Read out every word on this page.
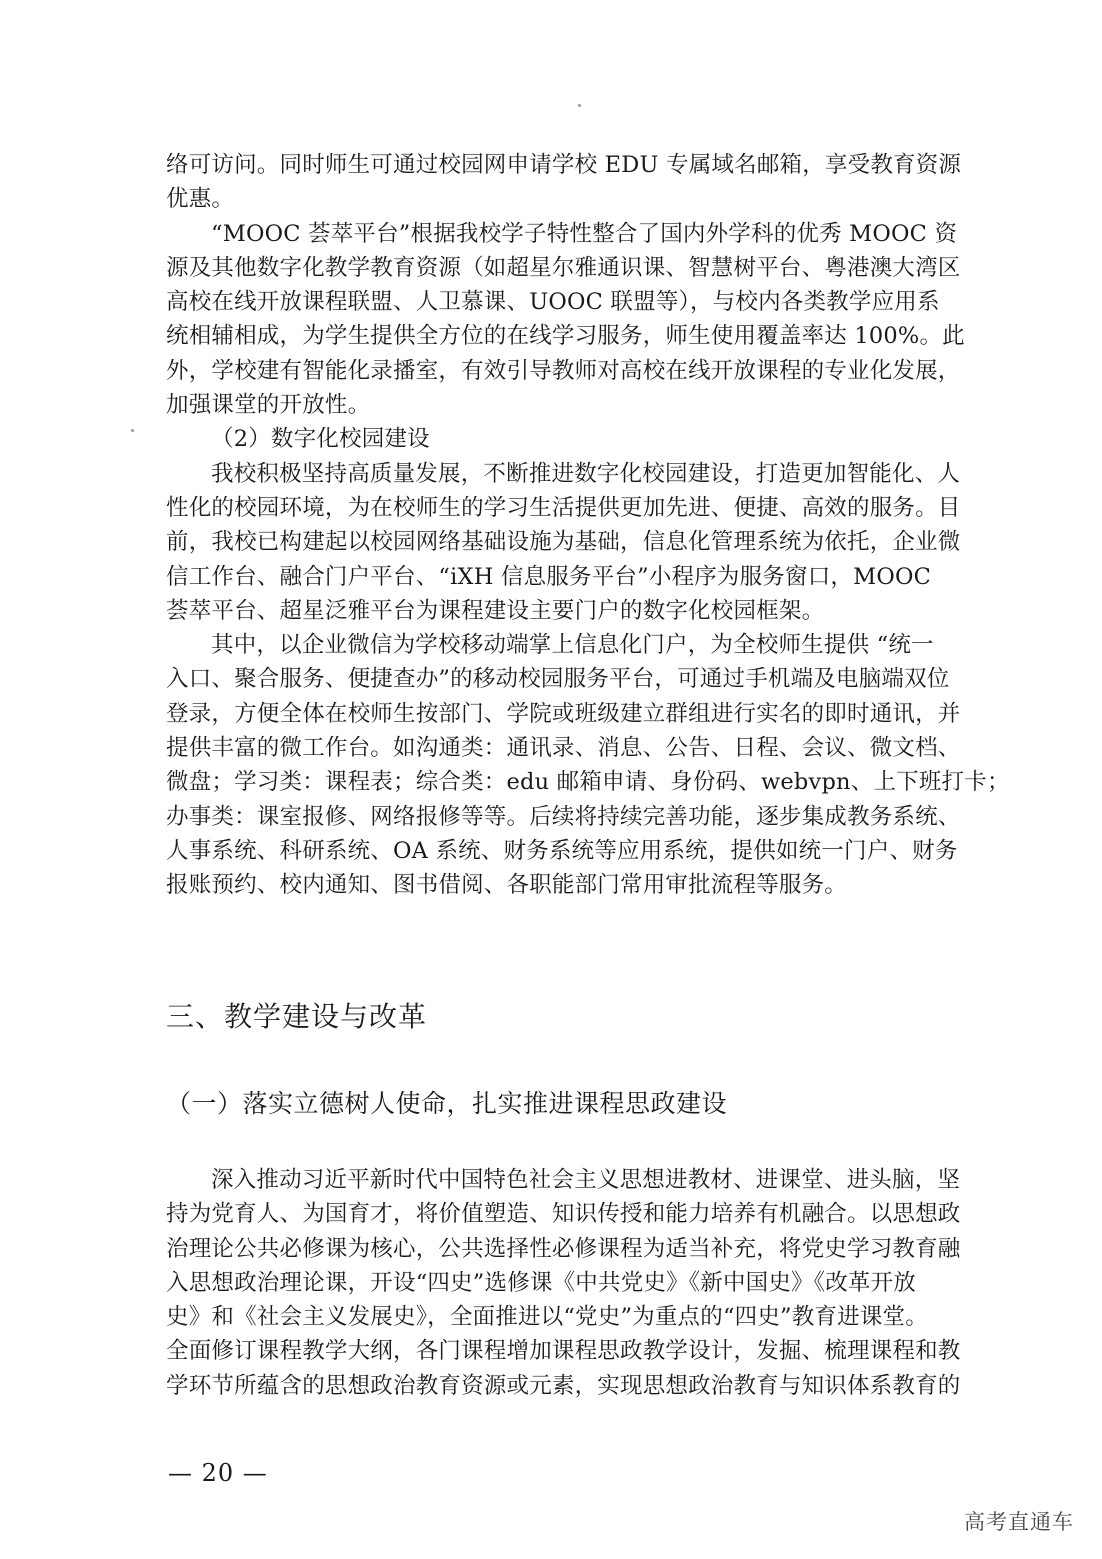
络可访问。同时师生可通过校园网申请学校 EDU 专属域名邮箱，享受教育资源
优惠。

“MOOC 荟萃平台”根据我校学子特性整合了国内外学科的优秀 MOOC 资

源及其他数字化教学教育资源（如超星尔雅通识课、智慧树平台、粤港澳大湾区
高校在线开放课程联盟、人卫慕课、UOOC 联盟等），与校内各类教学应用系
统相辅相成，为学生提供全方位的在线学习服务，师生使用覆盖率达 100%。此
外，学校建有智能化录播室，有效引导教师对高校在线开放课程的专业化发展，
加强课堂的开放性。

（2）数字化校园建设

我校积极坚持高质量发展，不断推进数字化校园建设，打造更加智能化、人

性化的校园环境，为在校师生的学习生活提供更加先进、便捷、高效的服务。目
前，我校已构建起以校园网络基础设施为基础，信息化管理系统为依托，企业微
信工作台、融合门户平台、“iXH 信息服务平台”小程序为服务窗口，MOOC
荟萃平台、超星泛雅平台为课程建设主要门户的数字化校园框架。

其中，以企业微信为学校移动端掌上信息化门户，为全校师生提供 “统一

入口、聚合服务、便捷查办”的移动校园服务平台，可通过手机端及电脑端双位
登录，方便全体在校师生按部门、学院或班级建立群组进行实名的即时通讯，并
提供丰富的微工作台。如沟通类：通讯录、消息、公告、日程、会议、微文档、
微盘；学习类：课程表；综合类：edu 邮箱申请、身份码、webvpn、上下班打卡；
办事类：课室报修、网络报修等等。后续将持续完善功能，逐步集成教务系统、
人事系统、科研系统、OA 系统、财务系统等应用系统，提供如统一门户、财务
报账预约、校内通知、图书借阅、各职能部门常用审批流程等服务。

三、教学建设与改革
（一）落实立德树人使命，扎实推进课程思政建设

深入推动习近平新时代中国特色社会主义思想进教材、进课堂、进头脑，坚

持为党育人、为国育才，将价值塑造、知识传授和能力培养有机融合。以思想政
治理论公共必修课为核心，公共选择性必修课程为适当补充，将党史学习教育融
入思想政治理论课，开设“四史”选修课《中共党史》《新中国史》《改革开放
史》和《社会主义发展史》，全面推进以“党史”为重点的“四史”教育进课堂。
全面修订课程教学大纲，各门课程增加课程思政教学设计，发掘、梳理课程和教
学环节所蕴含的思想政治教育资源或元素，实现思想政治教育与知识体系教育的

— 20 —
高考直通车
